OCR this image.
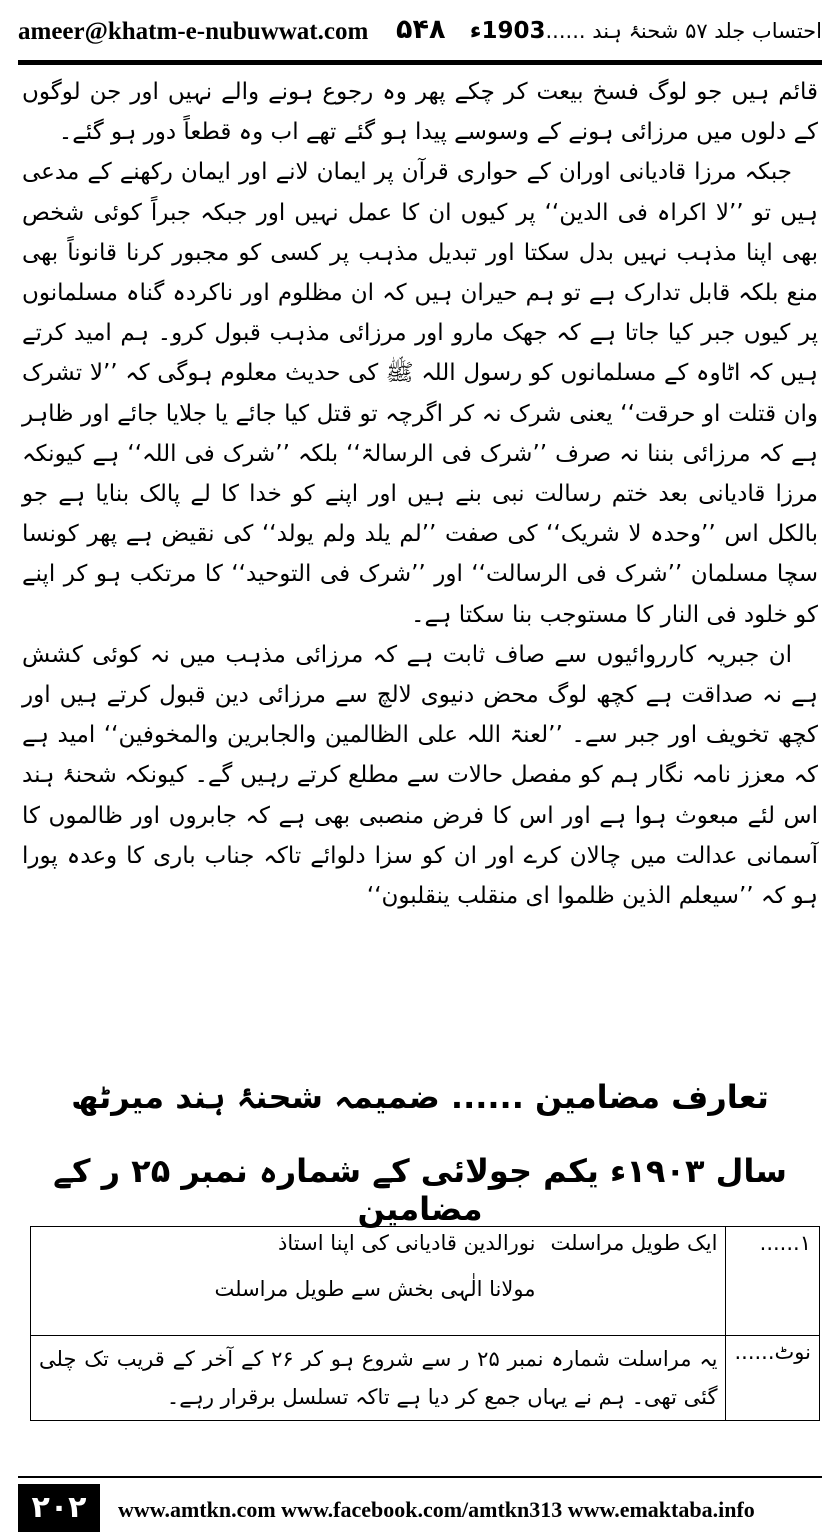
ameer@khatm-e-nubuwwat.com ۵۴۸	احتساب جلد ۵۷ شحنۂ ہند ......1903ء

قائم ہیں جو لوگ فسخ بیعت کر چکے پھر وہ رجوع ہونے والے نہیں اور جن لوگوں کے دلوں میں مرزائی ہونے کے وسوسے پیدا ہو گئے تھے اب وہ قطعاً دور ہو گئے۔

جبکہ مرزا قادیانی اوران کے حواری قرآن پر ایمان لانے اور ایمان رکھنے کے مدعی ہیں تو ’’لا اکراہ فی الدین‘‘ پر کیوں ان کا عمل نہیں اور جبکہ جبراً کوئی شخص بھی اپنا مذہب نہیں بدل سکتا اور تبدیل مذہب پر کسی کو مجبور کرنا قانوناً بھی منع بلکہ قابل تدارک ہے تو ہم حیران ہیں کہ ان مظلوم اور ناکردہ گناہ مسلمانوں پر کیوں جبر کیا جاتا ہے کہ جھک مارو اور مرزائی مذہب قبول کرو۔ ہم امید کرتے ہیں کہ اٹاوہ کے مسلمانوں کو رسول اللہ ﷺ کی حدیث معلوم ہوگی کہ ’’لا تشرک وان قتلت او حرقت‘‘ یعنی شرک نہ کر اگرچہ تو قتل کیا جائے یا جلایا جائے اور ظاہر ہے کہ مرزائی بننا نہ صرف ’’شرک فی الرسالۃ‘‘ بلکہ ’’شرک فی اللہ‘‘ ہے کیونکہ مرزا قادیانی بعد ختم رسالت نبی بنے ہیں اور اپنے کو خدا کا لے پالک بنایا ہے جو بالکل اس ’’وحدہ لا شریک‘‘ کی صفت ’’لم یلد ولم یولد‘‘ کی نقیض ہے پھر کونسا سچا مسلمان ’’شرک فی الرسالت‘‘ اور ’’شرک فی التوحید‘‘ کا مرتکب ہو کر اپنے کو خلود فی النار کا مستوجب بنا سکتا ہے۔

ان جبریہ کارروائیوں سے صاف ثابت ہے کہ مرزائی مذہب میں نہ کوئی کشش ہے نہ صداقت ہے کچھ لوگ محض دنیوی لالچ سے مرزائی دین قبول کرتے ہیں اور کچھ تخویف اور جبر سے۔ ’’لعنۃ اللہ علی الظالمین والجابرین والمخوفین‘‘ امید ہے کہ معزز نامہ نگار ہم کو مفصل حالات سے مطلع کرتے رہیں گے۔ کیونکہ شحنۂ ہند اس لئے مبعوث ہوا ہے اور اس کا فرض منصبی بھی ہے کہ جابروں اور ظالموں کا آسمانی عدالت میں چالان کرے اور ان کو سزا دلوائے تاکہ جناب باری کا وعدہ پورا ہو کہ ’’سیعلم الذین ظلموا ای منقلب ینقلبون‘‘

تعارف مضامین ...... ضمیمہ شحنۂ ہند میرٹھ
سال ۱۹۰۳ء یکم جولائی کے شمارہ نمبر ۲۵ ر کے مضامین
۱......	ایک طویل مراسلت
نورالدین قادیانی کی اپنا استاذ
مولانا الٰہی بخش سے طویل مراسلت

نوٹ......	یہ مراسلت شمارہ نمبر ۲۵ ر سے شروع ہو کر ۲۶ کے آخر کے قریب تک چلی گئی تھی۔ ہم نے یہاں جمع کر دیا ہے تاکہ تسلسل برقرار رہے۔
۲۰۲	www.amtkn.com www.facebook.com/amtkn313 www.emaktaba.info
